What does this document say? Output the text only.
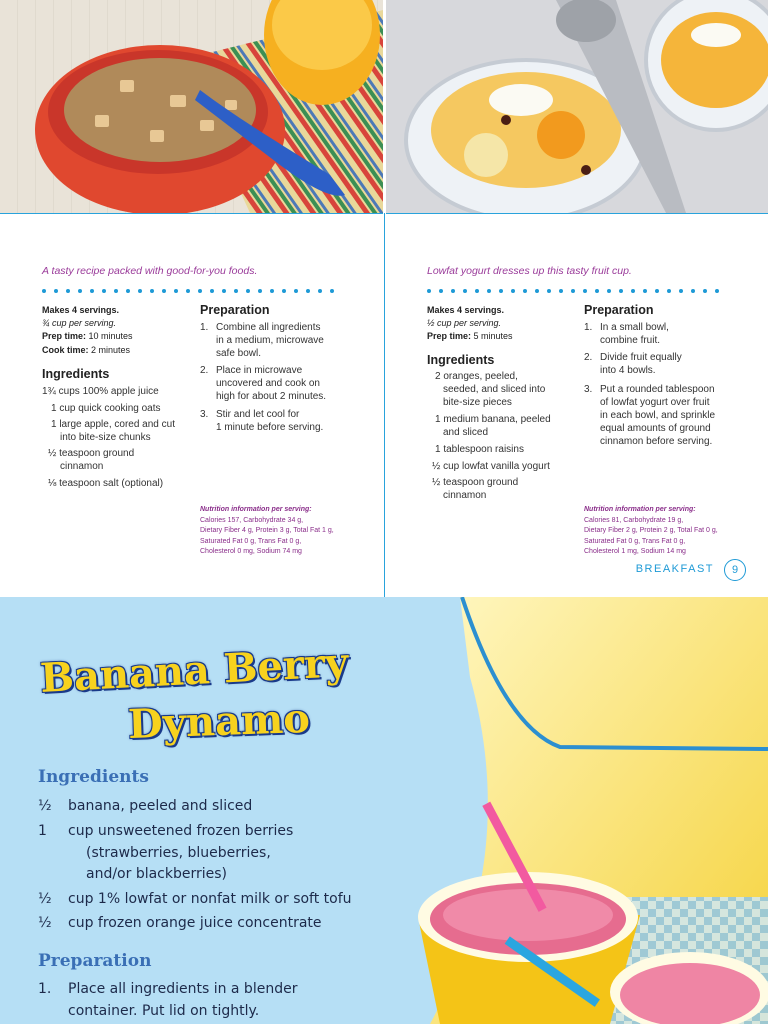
A tasty recipe packed with good-for-you foods.
Makes 4 servings.
¾ cup per serving.
Prep time: 10 minutes
Cook time: 2 minutes
Ingredients
1¾ cups 100% apple juice
1 cup quick cooking oats
1 large apple, cored and cut
into bite-size chunks
½ teaspoon ground
cinnamon
⅛ teaspoon salt (optional)
Preparation
1. Combine all ingredients
in a medium, microwave
safe bowl.
2. Place in microwave
uncovered and cook on
high for about 2 minutes.
3. Stir and let cool for
1 minute before serving.
Nutrition information per serving:
Calories 157, Carbohydrate 34 g,
Dietary Fiber 4 g, Protein 3 g, Total Fat 1 g,
Saturated Fat 0 g, Trans Fat 0 g,
Cholesterol 0 mg, Sodium 74 mg
Lowfat yogurt dresses up this tasty fruit cup.
Makes 4 servings.
½ cup per serving.
Prep time: 5 minutes
Ingredients
2 oranges, peeled,
seeded, and sliced into
bite-size pieces
1 medium banana, peeled
and sliced
1 tablespoon raisins
½ cup lowfat vanilla yogurt
½ teaspoon ground
cinnamon
Preparation
1. In a small bowl,
combine fruit.
2. Divide fruit equally
into 4 bowls.
3. Put a rounded tablespoon
of lowfat yogurt over fruit
in each bowl, and sprinkle
equal amounts of ground
cinnamon before serving.
Nutrition information per serving:
Calories 81, Carbohydrate 19 g,
Dietary Fiber 2 g, Protein 2 g, Total Fat 0 g,
Saturated Fat 0 g, Trans Fat 0 g,
Cholesterol 1 mg, Sodium 14 mg
BREAKFAST	9
Banana Berry
Dynamo
Ingredients
½ banana, peeled and sliced
1 cup unsweetened frozen berries
(strawberries, blueberries,
and/or blackberries)
½ cup 1% lowfat or nonfat milk or soft tofu
½ cup frozen orange juice concentrate
Preparation
1. Place all ingredients in a blender
container. Put lid on tightly.
